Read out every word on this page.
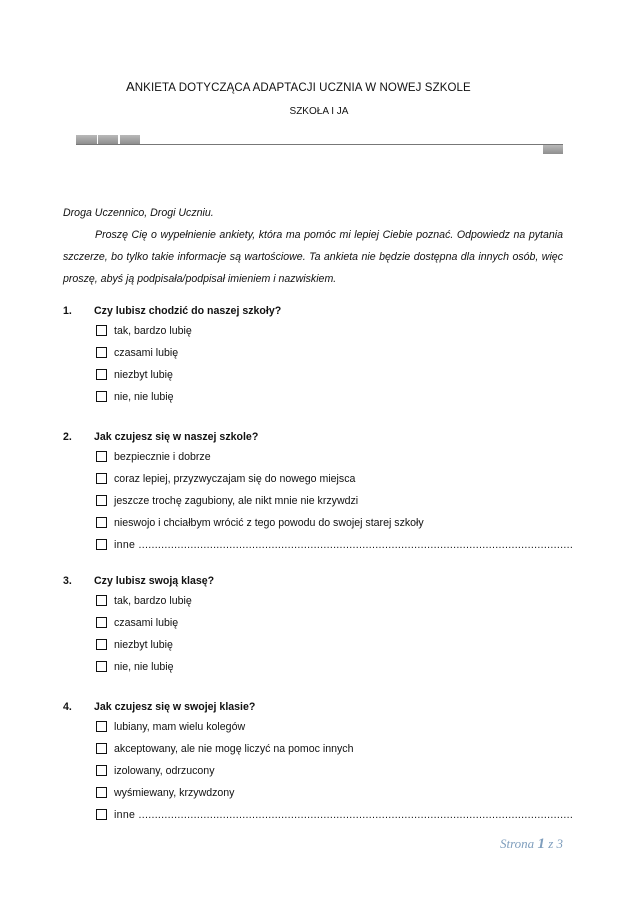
ANKIETA DOTYCZĄCA ADAPTACJI UCZNIA W NOWEJ SZKOLE
SZKOŁA I JA
Droga Uczennico, Drogi Uczniu.
Proszę Cię o wypełnienie ankiety, która ma pomóc mi lepiej Ciebie poznać. Odpowiedz na pytania szczerze, bo tylko takie informacje są wartościowe. Ta ankieta nie będzie dostępna dla innych osób, więc proszę, abyś ją podpisała/podpisał imieniem i nazwiskiem.
1. Czy lubisz chodzić do naszej szkoły?
tak, bardzo lubię
czasami lubię
niezbyt lubię
nie, nie lubię
2. Jak czujesz się w naszej szkole?
bezpiecznie i dobrze
coraz lepiej, przyzwyczajam się do nowego miejsca
jeszcze trochę zagubiony, ale nikt mnie nie krzywdzi
nieswojo i chciałbym wrócić z tego powodu do swojej starej szkoły
inne ......................................................................................................................................
3. Czy lubisz swoją klasę?
tak, bardzo lubię
czasami lubię
niezbyt lubię
nie, nie lubię
4. Jak czujesz się w swojej klasie?
lubiany, mam wielu kolegów
akceptowany, ale nie mogę liczyć na pomoc innych
izolowany, odrzucony
wyśmiewany, krzywdzony
inne ......................................................................................................................................
Strona 1 z 3
